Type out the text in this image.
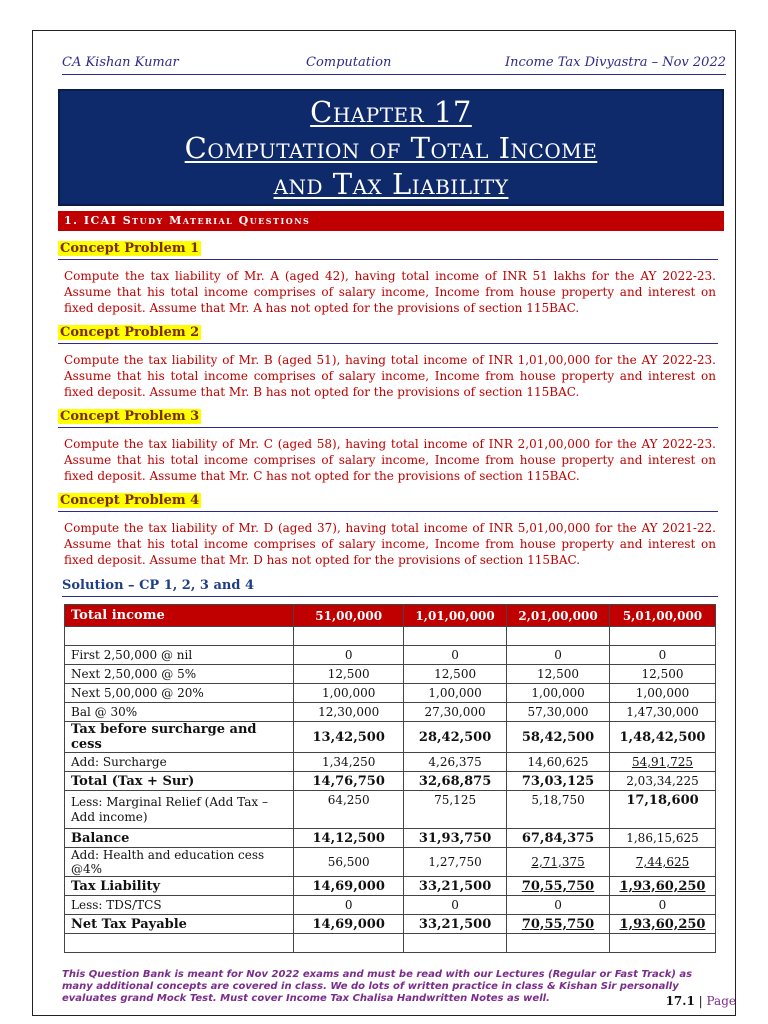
CA Kishan Kumar	Computation	Income Tax Divyastra – Nov 2022
Chapter 17
Computation of Total Income
and Tax Liability
1. ICAI Study Material Questions
Concept Problem 1
Compute the tax liability of Mr. A (aged 42), having total income of INR 51 lakhs for the AY 2022-23. Assume that his total income comprises of salary income, Income from house property and interest on fixed deposit. Assume that Mr. A has not opted for the provisions of section 115BAC.
Concept Problem 2
Compute the tax liability of Mr. B (aged 51), having total income of INR 1,01,00,000 for the AY 2022-23. Assume that his total income comprises of salary income, Income from house property and interest on fixed deposit. Assume that Mr. B has not opted for the provisions of section 115BAC.
Concept Problem 3
Compute the tax liability of Mr. C (aged 58), having total income of INR 2,01,00,000 for the AY 2022-23. Assume that his total income comprises of salary income, Income from house property and interest on fixed deposit. Assume that Mr. C has not opted for the provisions of section 115BAC.
Concept Problem 4
Compute the tax liability of Mr. D (aged 37), having total income of INR 5,01,00,000 for the AY 2021-22. Assume that his total income comprises of salary income, Income from house property and interest on fixed deposit. Assume that Mr. D has not opted for the provisions of section 115BAC.
Solution – CP 1, 2, 3 and 4
Total income	51,00,000	1,01,00,000	2,01,00,000	5,01,00,000

First 2,50,000 @ nil	0	0	0	0
Next 2,50,000 @ 5%	12,500	12,500	12,500	12,500
Next 5,00,000 @ 20%	1,00,000	1,00,000	1,00,000	1,00,000
Bal @ 30%	12,30,000	27,30,000	57,30,000	1,47,30,000
Tax before surcharge and cess	13,42,500	28,42,500	58,42,500	1,48,42,500
Add: Surcharge	1,34,250	4,26,375	14,60,625	54,91,725
Total (Tax + Sur)	14,76,750	32,68,875	73,03,125	2,03,34,225
Less: Marginal Relief (Add Tax – Add income)	64,250	75,125	5,18,750	17,18,600
Balance	14,12,500	31,93,750	67,84,375	1,86,15,625
Add: Health and education cess @4%	56,500	1,27,750	2,71,375	7,44,625
Tax Liability	14,69,000	33,21,500	70,55,750	1,93,60,250
Less: TDS/TCS	0	0	0	0
Net Tax Payable	14,69,000	33,21,500	70,55,750	1,93,60,250

This Question Bank is meant for Nov 2022 exams and must be read with our Lectures (Regular or Fast Track) as many additional concepts are covered in class. We do lots of written practice in class & Kishan Sir personally evaluates grand Mock Test. Must cover Income Tax Chalisa Handwritten Notes as well.	17.1 | Page
